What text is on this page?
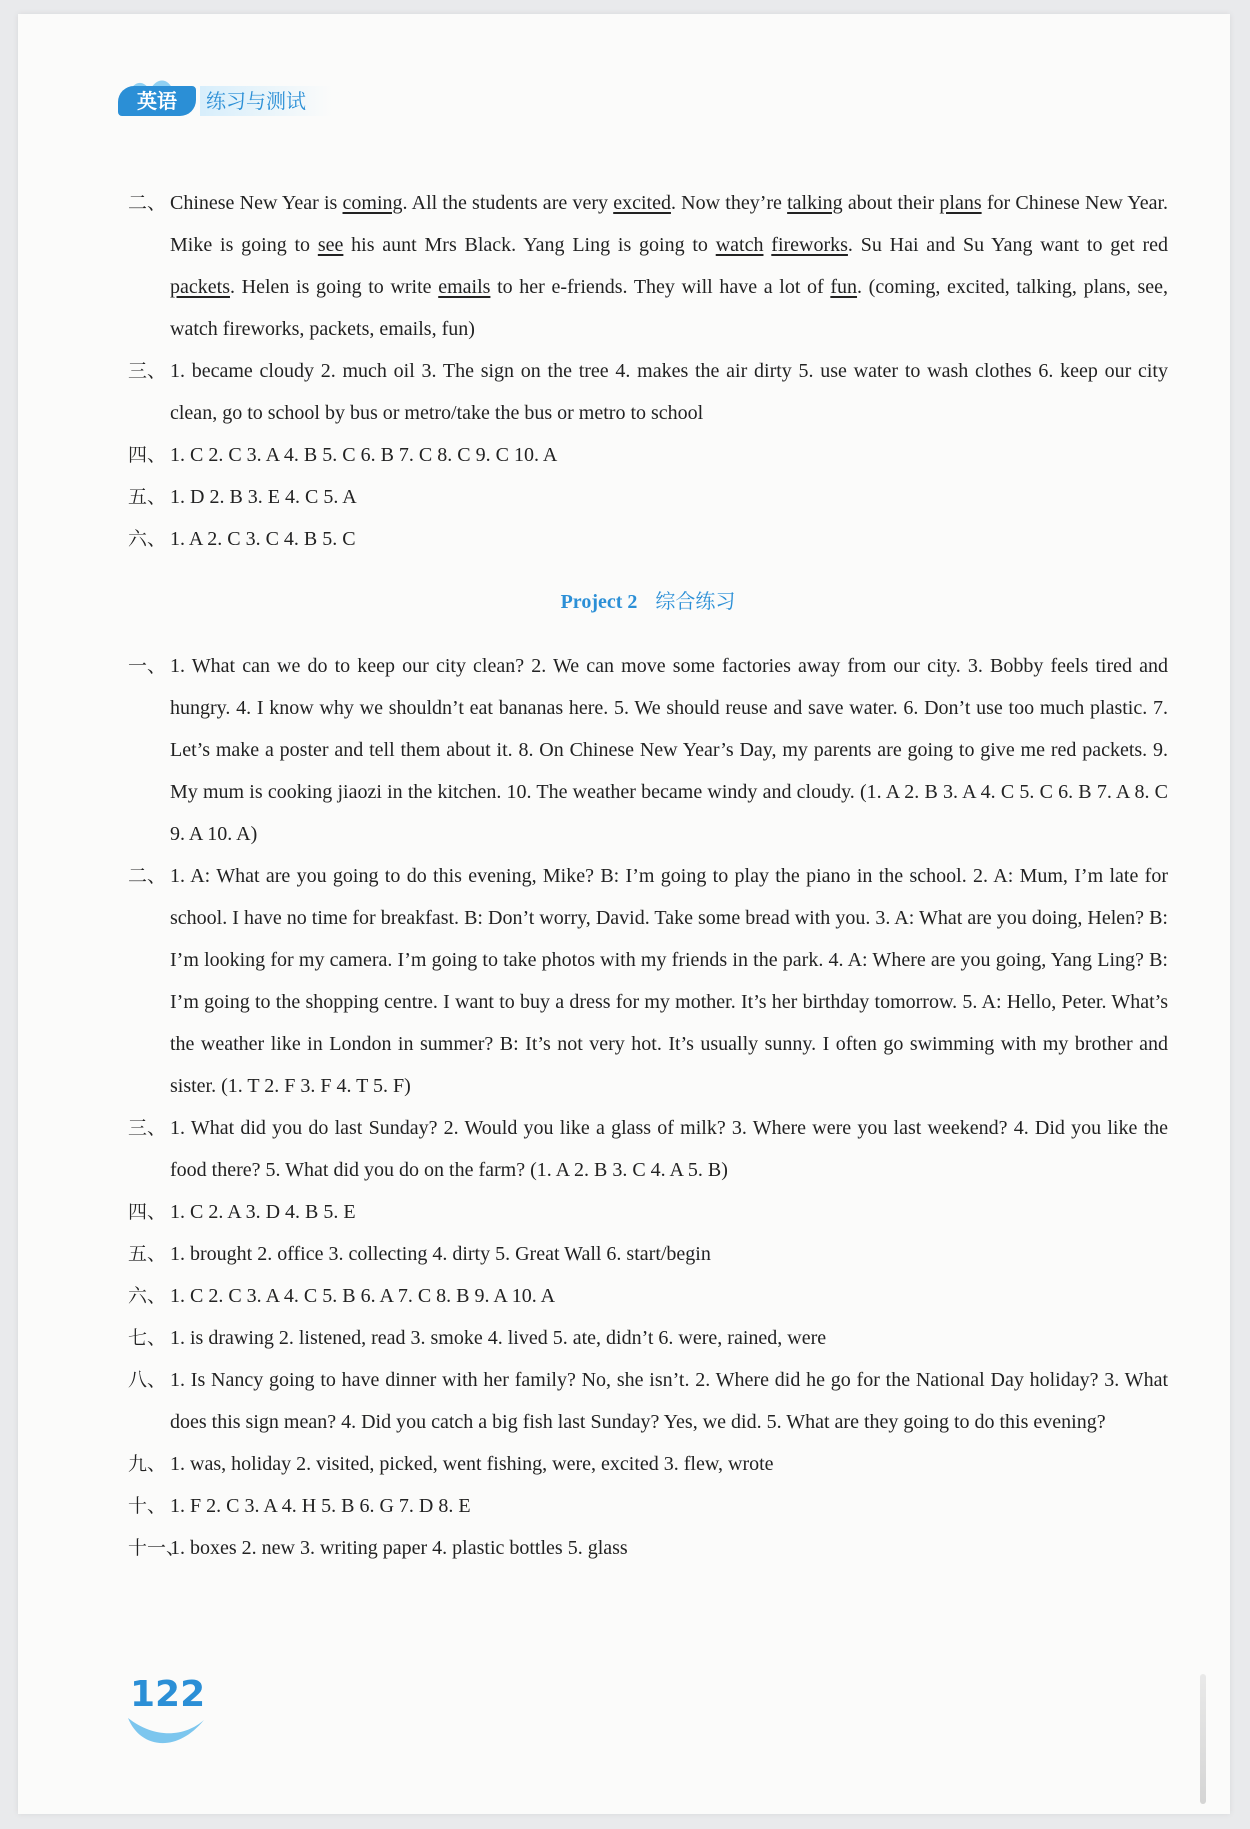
英语	练习与测试

二、 Chinese New Year is coming. All the students are very excited. Now they’re talking about their plans for Chinese New Year. Mike is going to see his aunt Mrs Black. Yang Ling is going to watch fireworks. Su Hai and Su Yang want to get red packets. Helen is going to write emails to her e-friends. They will have a lot of fun. (coming, excited, talking, plans, see, watch fireworks, packets, emails, fun)

三、 1. became cloudy 2. much oil 3. The sign on the tree 4. makes the air dirty 5. use water to wash clothes 6. keep our city clean, go to school by bus or metro/take the bus or metro to school

四、 1. C 2. C 3. A 4. B 5. C 6. B 7. C 8. C 9. C 10. A

五、 1. D 2. B 3. E 4. C 5. A

六、 1. A 2. C 3. C 4. B 5. C

Project 2 综合练习

一、 1. What can we do to keep our city clean? 2. We can move some factories away from our city. 3. Bobby feels tired and hungry. 4. I know why we shouldn’t eat bananas here. 5. We should reuse and save water. 6. Don’t use too much plastic. 7. Let’s make a poster and tell them about it. 8. On Chinese New Year’s Day, my parents are going to give me red packets. 9. My mum is cooking jiaozi in the kitchen. 10. The weather became windy and cloudy. (1. A 2. B 3. A 4. C 5. C 6. B 7. A 8. C 9. A 10. A)

二、 1. A: What are you going to do this evening, Mike? B: I’m going to play the piano in the school. 2. A: Mum, I’m late for school. I have no time for breakfast. B: Don’t worry, David. Take some bread with you. 3. A: What are you doing, Helen? B: I’m looking for my camera. I’m going to take photos with my friends in the park. 4. A: Where are you going, Yang Ling? B: I’m going to the shopping centre. I want to buy a dress for my mother. It’s her birthday tomorrow. 5. A: Hello, Peter. What’s the weather like in London in summer? B: It’s not very hot. It’s usually sunny. I often go swimming with my brother and sister. (1. T 2. F 3. F 4. T 5. F)

三、 1. What did you do last Sunday? 2. Would you like a glass of milk? 3. Where were you last weekend? 4. Did you like the food there? 5. What did you do on the farm? (1. A 2. B 3. C 4. A 5. B)

四、 1. C 2. A 3. D 4. B 5. E

五、 1. brought 2. office 3. collecting 4. dirty 5. Great Wall 6. start/begin

六、 1. C 2. C 3. A 4. C 5. B 6. A 7. C 8. B 9. A 10. A

七、 1. is drawing 2. listened, read 3. smoke 4. lived 5. ate, didn’t 6. were, rained, were

八、 1. Is Nancy going to have dinner with her family? No, she isn’t. 2. Where did he go for the National Day holiday? 3. What does this sign mean? 4. Did you catch a big fish last Sunday? Yes, we did. 5. What are they going to do this evening?

九、 1. was, holiday 2. visited, picked, went fishing, were, excited 3. flew, wrote

十、 1. F 2. C 3. A 4. H 5. B 6. G 7. D 8. E

十一、
1. boxes 2. new 3. writing paper 4. plastic bottles 5. glass

122
